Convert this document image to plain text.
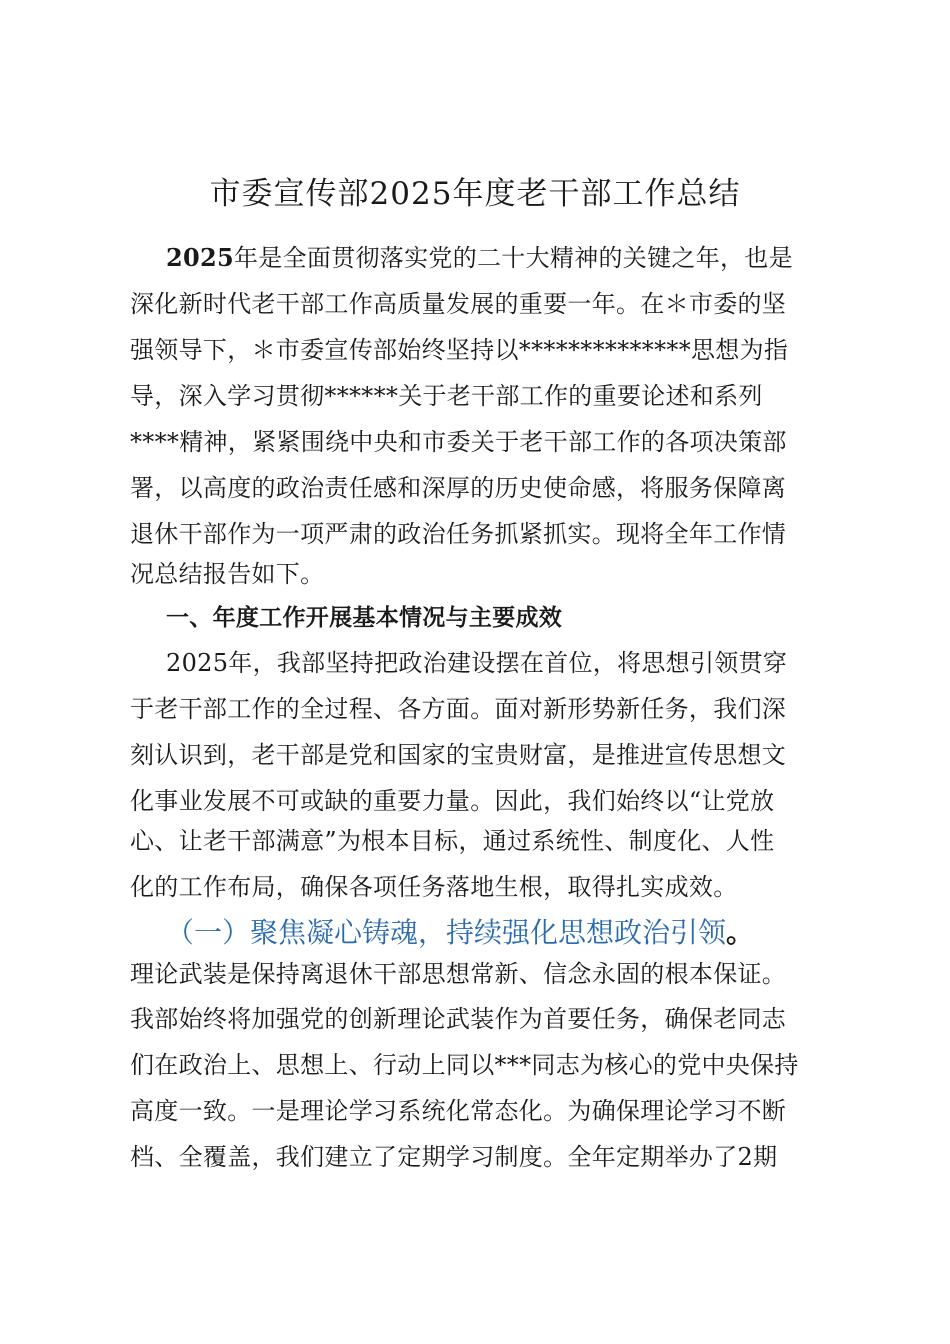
市委宣传部2025年度老干部工作总结

2025年是全面贯彻落实党的二十大精神的关键之年，也是

深化新时代老干部工作高质量发展的重要一年。在＊市委的坚

强领导下，＊市委宣传部始终坚持以**************思想为指

导，深入学习贯彻******关于老干部工作的重要论述和系列

****精神，紧紧围绕中央和市委关于老干部工作的各项决策部

署，以高度的政治责任感和深厚的历史使命感，将服务保障离

退休干部作为一项严肃的政治任务抓紧抓实。现将全年工作情

况总结报告如下。

一、年度工作开展基本情况与主要成效

2025年，我部坚持把政治建设摆在首位，将思想引领贯穿

于老干部工作的全过程、各方面。面对新形势新任务，我们深

刻认识到，老干部是党和国家的宝贵财富，是推进宣传思想文

化事业发展不可或缺的重要力量。因此，我们始终以“让党放

心、让老干部满意”为根本目标，通过系统性、制度化、人性

化的工作布局，确保各项任务落地生根，取得扎实成效。

（一）聚焦凝心铸魂，持续强化思想政治引领。

理论武装是保持离退休干部思想常新、信念永固的根本保证。

我部始终将加强党的创新理论武装作为首要任务，确保老同志

们在政治上、思想上、行动上同以***同志为核心的党中央保持

高度一致。一是理论学习系统化常态化。为确保理论学习不断

档、全覆盖，我们建立了定期学习制度。全年定期举办了2期
